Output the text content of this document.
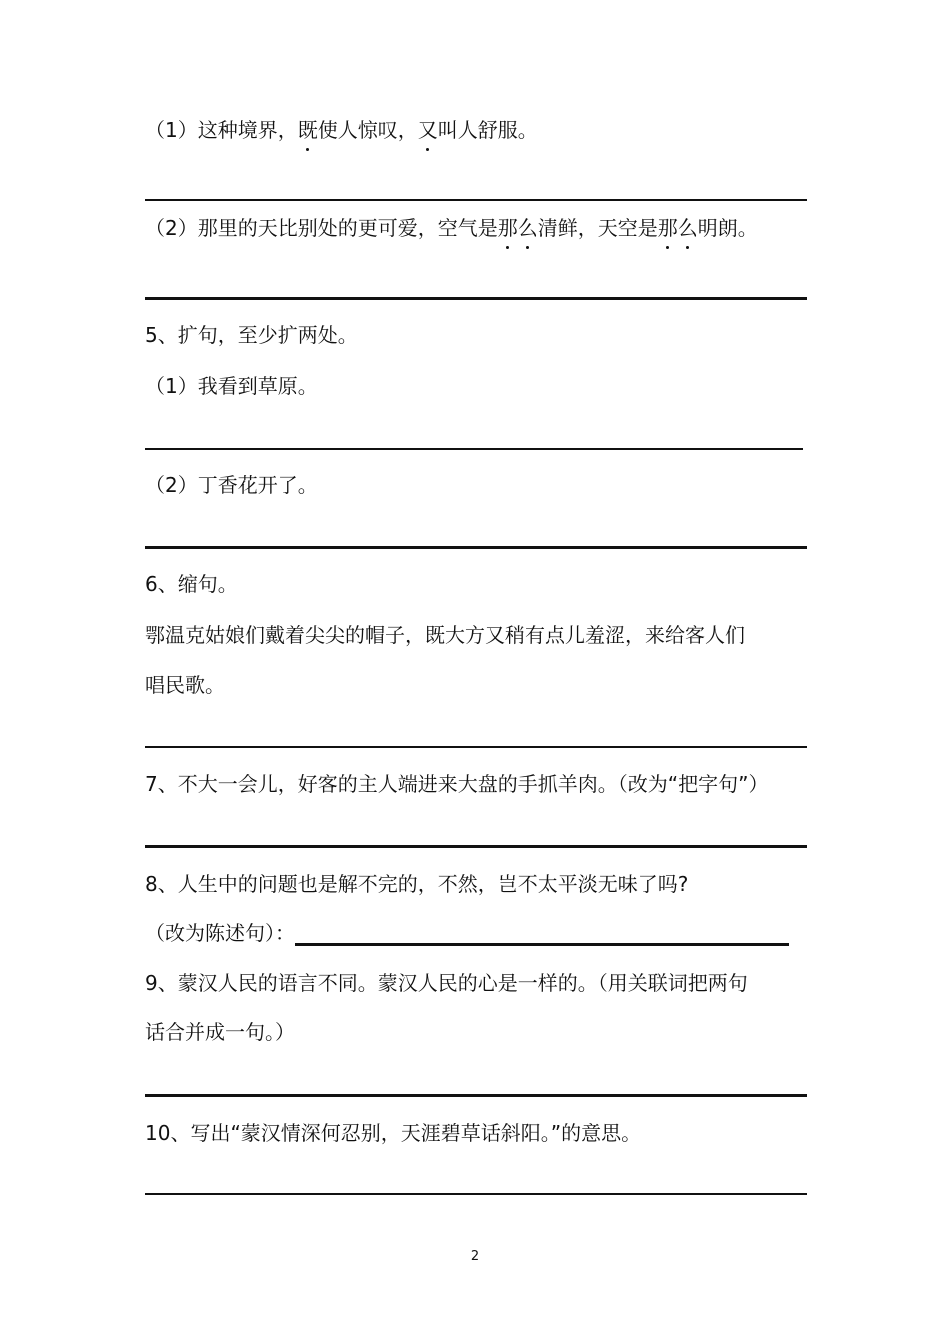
（1）这种境界，既使人惊叹，又叫人舒服。
（2）那里的天比别处的更可爱，空气是那么清鲜，天空是那么明朗。
5、扩句，至少扩两处。
（1）我看到草原。
（2）丁香花开了。
6、缩句。
鄂温克姑娘们戴着尖尖的帽子，既大方又稍有点儿羞涩，来给客人们
唱民歌。
7、不大一会儿，好客的主人端进来大盘的手抓羊肉。（改为“把字句”）
8、人生中的问题也是解不完的，不然，岂不太平淡无味了吗?
（改为陈述句）：
9、蒙汉人民的语言不同。蒙汉人民的心是一样的。（用关联词把两句
话合并成一句。）
10、写出“蒙汉情深何忍别，天涯碧草话斜阳。”的意思。
2
